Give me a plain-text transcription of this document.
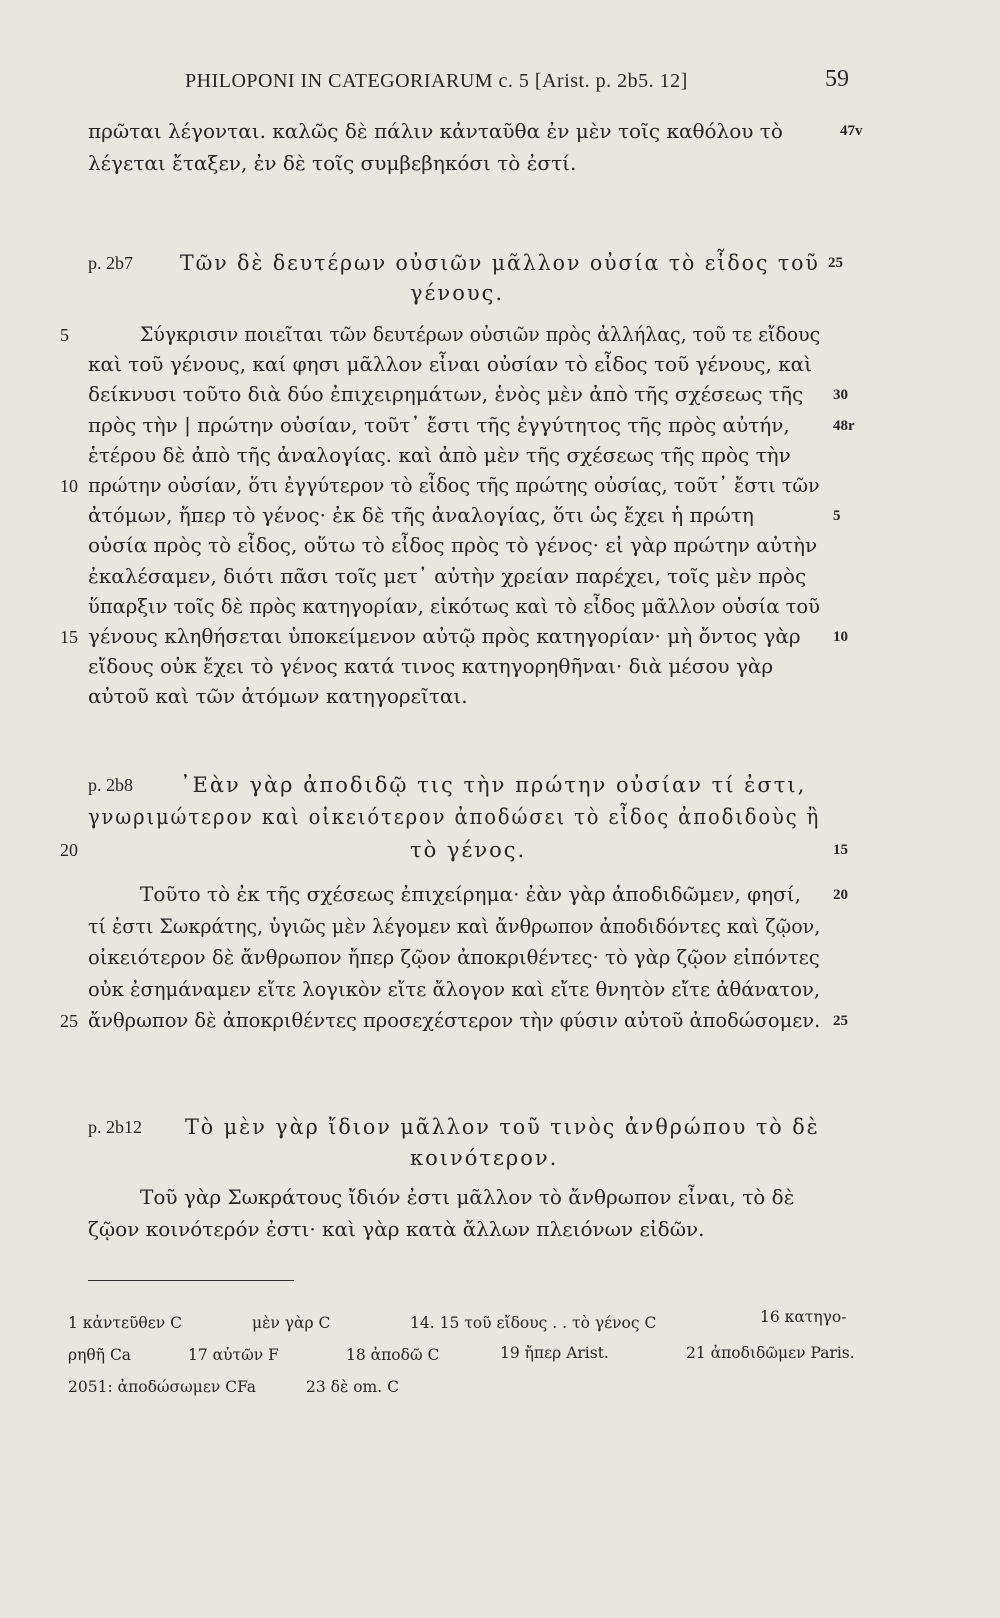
PHILOPONI IN CATEGORIARUM c. 5 [Arist. p. 2b5. 12]	59
πρῶται λέγονται. καλῶς δὲ πάλιν κἀνταῦθα ἐν μὲν τοῖς καθόλου τὸ	47v
λέγεται ἔταξεν, ἐν δὲ τοῖς συμβεβηκόσι τὸ ἐστί.
p. 2b7 Τῶν δὲ δευτέρων οὐσιῶν μᾶλλον οὐσία τὸ εἶδος τοῦ 25
γένους.
Σύγκρισιν ποιεῖται τῶν δευτέρων οὐσιῶν πρὸς ἀλλήλας, τοῦ τε εἴδους
5
καὶ τοῦ γένους, καί φησι μᾶλλον εἶναι οὐσίαν τὸ εἶδος τοῦ γένους, καὶ
δείκνυσι τοῦτο διὰ δύο ἐπιχειρημάτων, ἑνὸς μὲν ἀπὸ τῆς σχέσεως τῆς 30
πρὸς τὴν | πρώτην οὐσίαν, τοῦτ᾽ ἔστι τῆς ἐγγύτητος τῆς πρὸς αὐτήν,	48r
ἑτέρου δὲ ἀπὸ τῆς ἀναλογίας. καὶ ἀπὸ μὲν τῆς σχέσεως τῆς πρὸς τὴν
πρώτην οὐσίαν, ὅτι ἐγγύτερον τὸ εἶδος τῆς πρώτης οὐσίας, τοῦτ᾽ ἔστι τῶν
10
ἀτόμων, ἤπερ τὸ γένος· ἐκ δὲ τῆς ἀναλογίας, ὅτι ὡς ἔχει ἡ πρώτη	5
οὐσία πρὸς τὸ εἶδος, οὕτω τὸ εἶδος πρὸς τὸ γένος· εἰ γὰρ πρώτην αὐτὴν
ἐκαλέσαμεν, διότι πᾶσι τοῖς μετ᾽ αὐτὴν χρείαν παρέχει, τοῖς μὲν πρὸς
ὕπαρξιν τοῖς δὲ πρὸς κατηγορίαν, εἰκότως καὶ τὸ εἶδος μᾶλλον οὐσία τοῦ
γένους κληθήσεται ὑποκείμενον αὐτῷ πρὸς κατηγορίαν· μὴ ὄντος γὰρ
15	10
εἴδους οὐκ ἔχει τὸ γένος κατά τινος κατηγορηθῆναι· διὰ μέσου γὰρ
αὐτοῦ καὶ τῶν ἀτόμων κατηγορεῖται.
p. 2b8 ᾿Εὰν γὰρ ἀποδιδῷ τις τὴν πρώτην οὐσίαν τί ἐστι,
γνωριμώτερον καὶ οἰκειότερον ἀποδώσει τὸ εἶδος ἀποδιδοὺς ἢ
20	τὸ γένος.	15
Τοῦτο τὸ ἐκ τῆς σχέσεως ἐπιχείρημα· ἐὰν γὰρ ἀποδιδῶμεν, φησί, 20
τί ἐστι Σωκράτης, ὑγιῶς μὲν λέγομεν καὶ ἄνθρωπον ἀποδιδόντες καὶ ζῷον,
οἰκειότερον δὲ ἄνθρωπον ἤπερ ζῷον ἀποκριθέντες· τὸ γὰρ ζῷον εἰπόντες
οὐκ ἐσημάναμεν εἴτε λογικὸν εἴτε ἄλογον καὶ εἴτε θνητὸν εἴτε ἀθάνατον,
ἄνθρωπον δὲ ἀποκριθέντες προσεχέστερον τὴν φύσιν αὐτοῦ ἀποδώσομεν.
25	25
p. 2b12 Τὸ μὲν γὰρ ἴδιον μᾶλλον τοῦ τινὸς ἀνθρώπου τὸ δὲ
κοινότερον.
Τοῦ γὰρ Σωκράτους ἴδιόν ἐστι μᾶλλον τὸ ἄνθρωπον εἶναι, τὸ δὲ
ζῷον κοινότερόν ἐστι· καὶ γὰρ κατὰ ἄλλων πλειόνων εἰδῶν.
1 κἀντεῦθεν C	μὲν γὰρ C	14. 15 τοῦ εἴδους . . τὸ γένος C	16 κατηγο-
ρηθῆ Ca	17 αὐτῶν F	18 ἀποδῶ C	19 ἤπερ Arist.	21 ἀποδιδῶμεν Paris.
2051: ἀποδώσωμεν CFa	23 δὲ om. C
